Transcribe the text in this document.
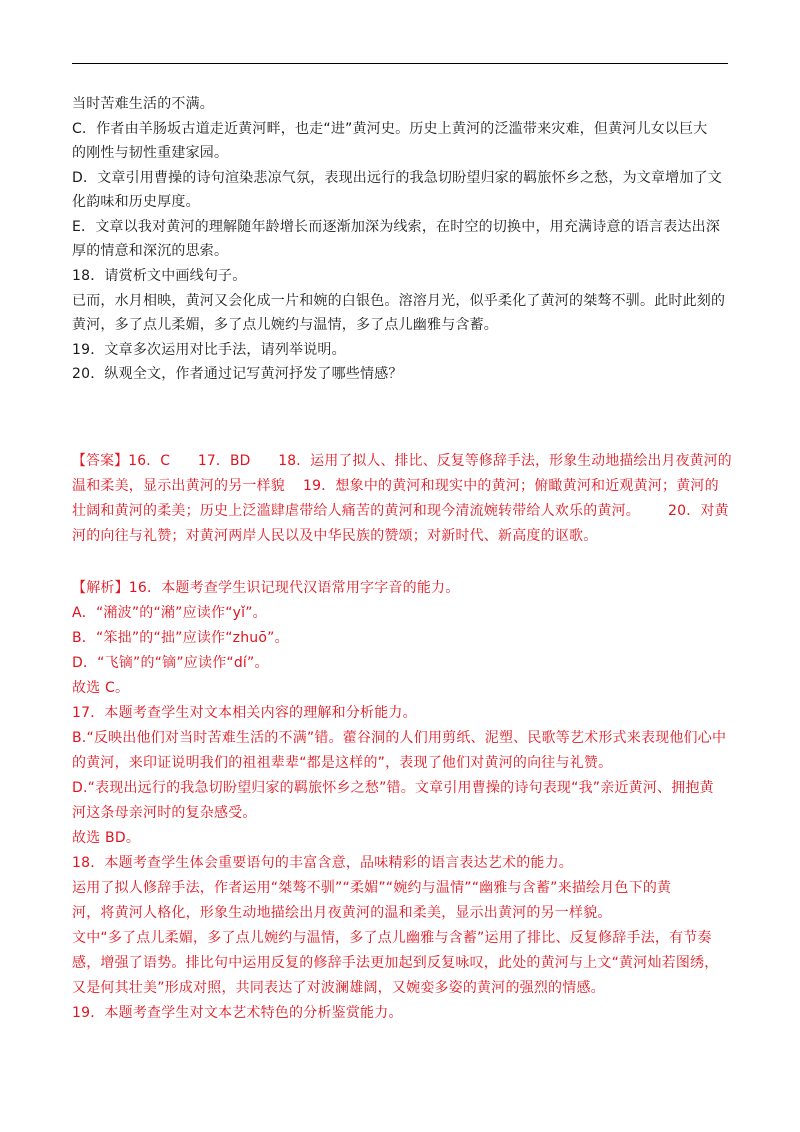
当时苦难生活的不满。
C．作者由羊肠坂古道走近黄河畔，也走“进”黄河史。历史上黄河的泛滥带来灾难，但黄河儿女以巨大
的刚性与韧性重建家园。
D．文章引用曹操的诗句渲染悲凉气氛，表现出远行的我急切盼望归家的羁旅怀乡之愁，为文章增加了文
化韵味和历史厚度。
E．文章以我对黄河的理解随年龄增长而逐渐加深为线索，在时空的切换中，用充满诗意的语言表达出深
厚的情意和深沉的思索。
18．请赏析文中画线句子。
已而，水月相映，黄河又会化成一片和婉的白银色。溶溶月光，似乎柔化了黄河的桀骜不驯。此时此刻的
黄河，多了点儿柔媚，多了点儿婉约与温情，多了点儿幽雅与含蓄。
19．文章多次运用对比手法，请列举说明。
20．纵观全文，作者通过记写黄河抒发了哪些情感？
【答案】16．C 17．BD 18．运用了拟人、排比、反复等修辞手法，形象生动地描绘出月夜黄河的
温和柔美，显示出黄河的另一样貌 19．想象中的黄河和现实中的黄河；俯瞰黄河和近观黄河；黄河的
壮阔和黄河的柔美；历史上泛滥肆虐带给人痛苦的黄河和现今清流婉转带给人欢乐的黄河。 20．对黄
河的向往与礼赞；对黄河两岸人民以及中华民族的赞颂；对新时代、新高度的讴歌。
【解析】16．本题考查学生识记现代汉语常用字字音的能力。
A．“潲波”的“潲”应读作“yǐ”。
B．“笨拙”的“拙”应读作“zhuō”。
D．“飞镝”的“镝”应读作“dí”。
故选 C。
17．本题考查学生对文本相关内容的理解和分析能力。
B.“反映出他们对当时苦难生活的不满”错。藿谷洞的人们用剪纸、泥塑、民歌等艺术形式来表现他们心中
的黄河，来印证说明我们的祖祖辈辈“都是这样的”，表现了他们对黄河的向往与礼赞。
D.“表现出远行的我急切盼望归家的羁旅怀乡之愁”错。文章引用曹操的诗句表现“我”亲近黄河、拥抱黄
河这条母亲河时的复杂感受。
故选 BD。
18．本题考查学生体会重要语句的丰富含意，品味精彩的语言表达艺术的能力。
运用了拟人修辞手法，作者运用“桀骜不驯”“柔媚”“婉约与温情”“幽雅与含蓄”来描绘月色下的黄
河，将黄河人格化，形象生动地描绘出月夜黄河的温和柔美，显示出黄河的另一样貌。
文中“多了点儿柔媚，多了点儿婉约与温情，多了点儿幽雅与含蓄”运用了排比、反复修辞手法，有节奏
感，增强了语势。排比句中运用反复的修辞手法更加起到反复咏叹，此处的黄河与上文“黄河灿若图绣，
又是何其壮美”形成对照，共同表达了对波澜雄阔，又婉娈多姿的黄河的强烈的情感。
19．本题考查学生对文本艺术特色的分析鉴赏能力。
